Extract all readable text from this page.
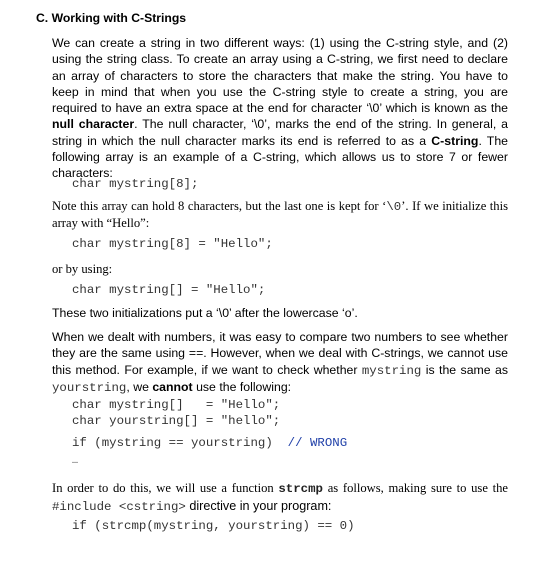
C. Working with C-Strings
We can create a string in two different ways: (1) using the C-string style, and (2) using the string class. To create an array using a C-string, we first need to declare an array of characters to store the characters that make the string. You have to keep in mind that when you use the C-string style to create a string, you are required to have an extra space at the end for character ‘\0’ which is known as the null character. The null character, ‘\0’, marks the end of the string. In general, a string in which the null character marks its end is referred to as a C-string. The following array is an example of a C-string, which allows us to store 7 or fewer characters:
char mystring[8];
Note this array can hold 8 characters, but the last one is kept for ‘\0’. If we initialize this array with “Hello”:
char mystring[8] = "Hello";
or by using:
char mystring[] = "Hello";
These two initializations put a ‘\0’ after the lowercase ‘o’.
When we dealt with numbers, it was easy to compare two numbers to see whether they are the same using ==. However, when we deal with C-strings, we cannot use this method. For example, if we want to check whether mystring is the same as yourstring, we cannot use the following:
char mystring[]   = "Hello";
char yourstring[] = "hello";
if (mystring == yourstring)  // WRONG
…
In order to do this, we will use a function strcmp as follows, making sure to use the #include <cstring> directive in your program:
if (strcmp(mystring, yourstring) == 0)
